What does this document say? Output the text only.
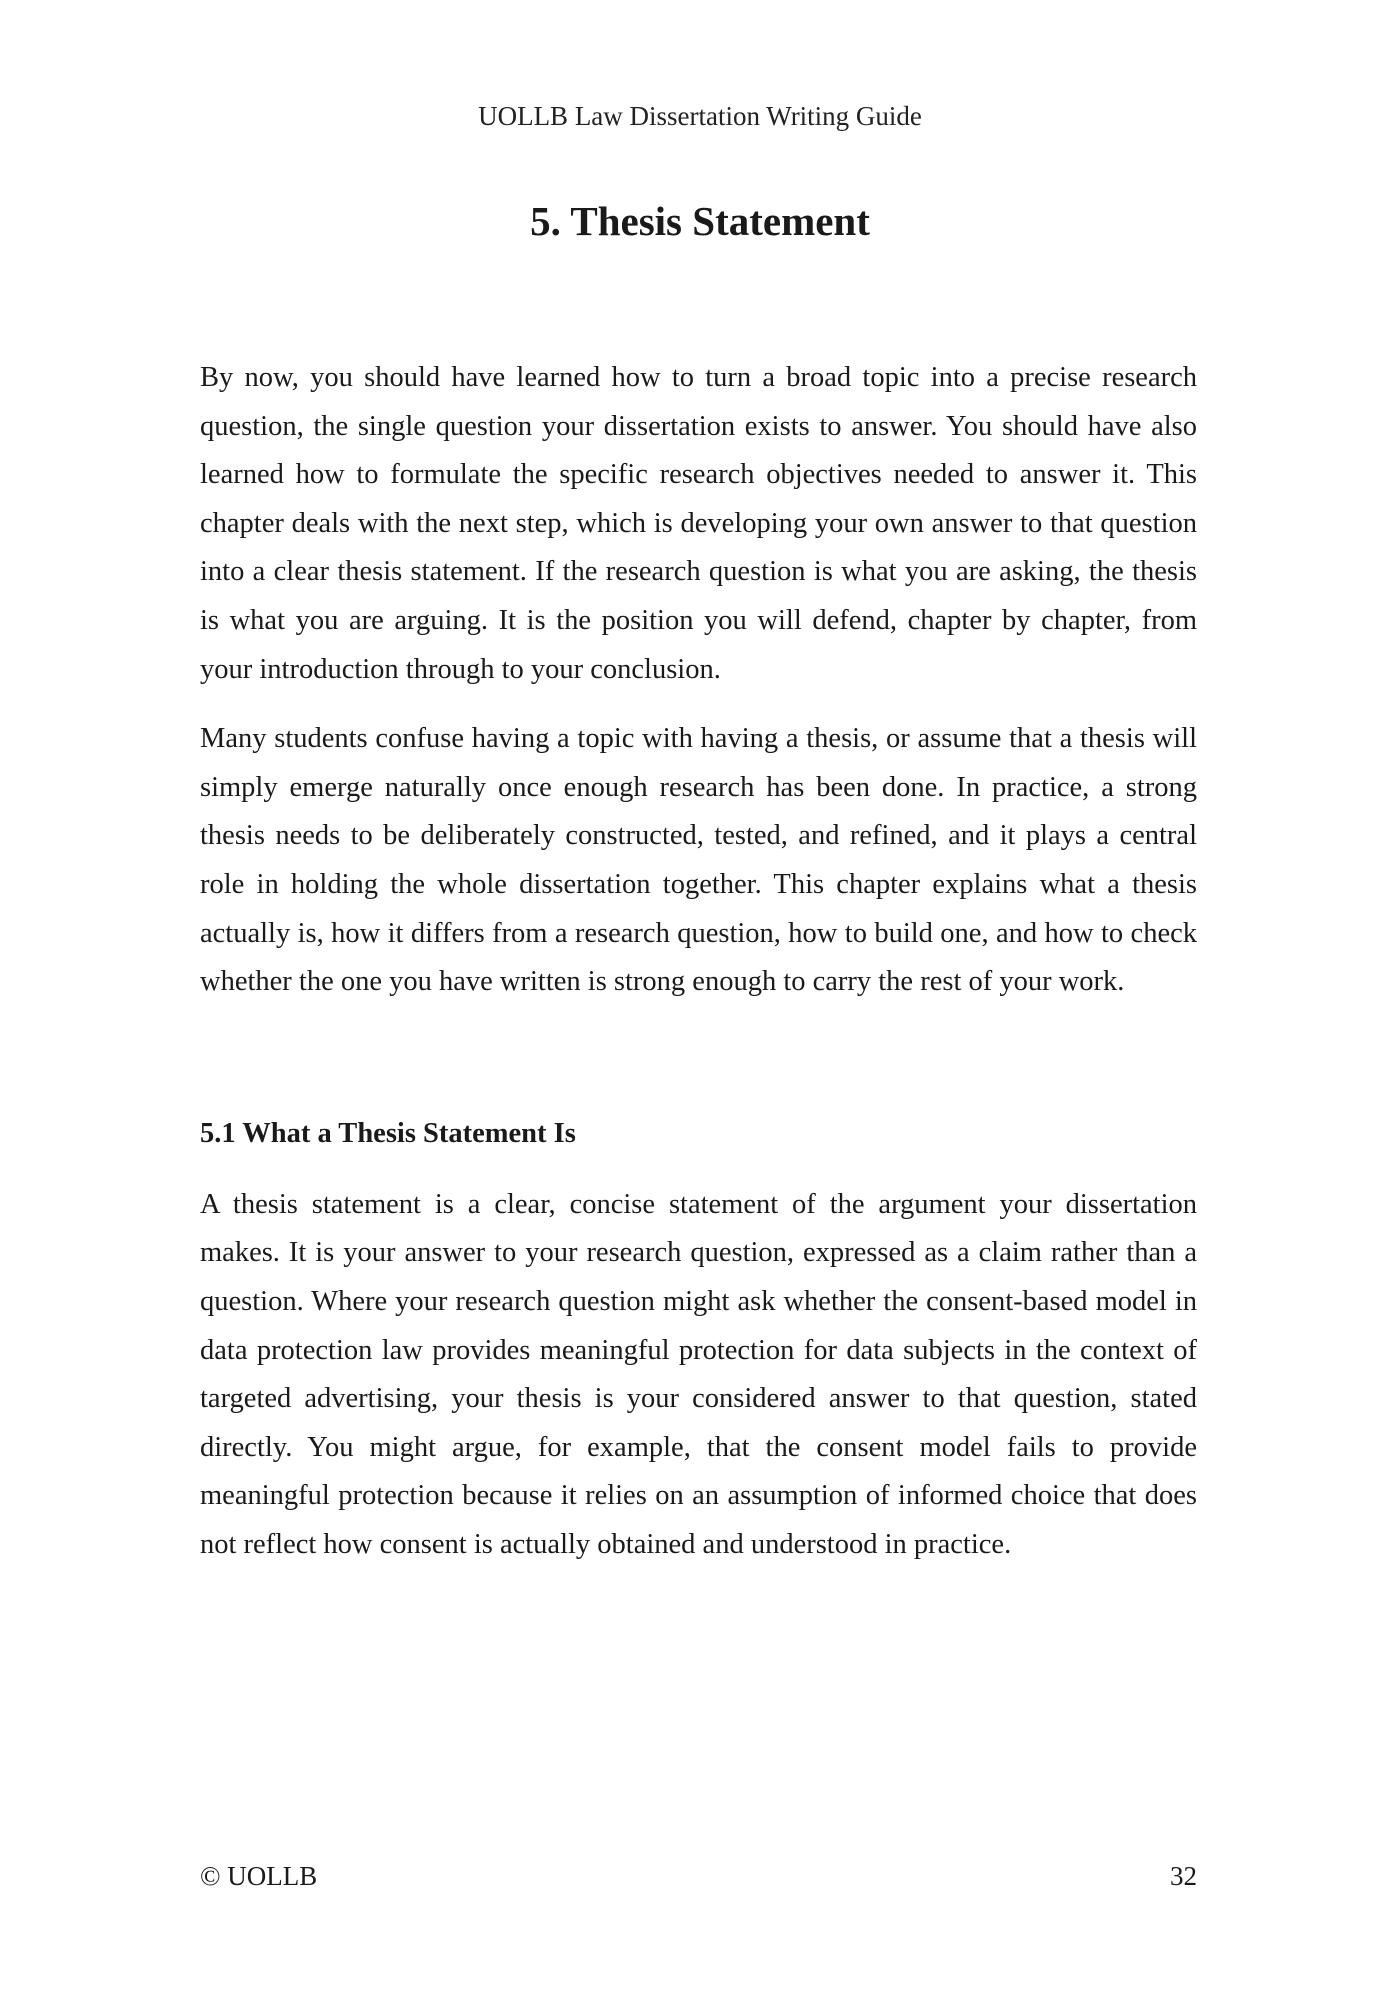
UOLLB Law Dissertation Writing Guide
5. Thesis Statement

By now, you should have learned how to turn a broad topic into a precise research question, the single question your dissertation exists to answer. You should have also learned how to formulate the specific research objectives needed to answer it. This chapter deals with the next step, which is developing your own answer to that question into a clear thesis statement. If the research question is what you are asking, the thesis is what you are arguing. It is the position you will defend, chapter by chapter, from your introduction through to your conclusion.

Many students confuse having a topic with having a thesis, or assume that a thesis will simply emerge naturally once enough research has been done. In practice, a strong thesis needs to be deliberately constructed, tested, and refined, and it plays a central role in holding the whole dissertation together. This chapter explains what a thesis actually is, how it differs from a research question, how to build one, and how to check whether the one you have written is strong enough to carry the rest of your work.

5.1 What a Thesis Statement Is

A thesis statement is a clear, concise statement of the argument your dissertation makes. It is your answer to your research question, expressed as a claim rather than a question. Where your research question might ask whether the consent-based model in data protection law provides meaningful protection for data subjects in the context of targeted advertising, your thesis is your considered answer to that question, stated directly. You might argue, for example, that the consent model fails to provide meaningful protection because it relies on an assumption of informed choice that does not reflect how consent is actually obtained and understood in practice.

© UOLLB	32
